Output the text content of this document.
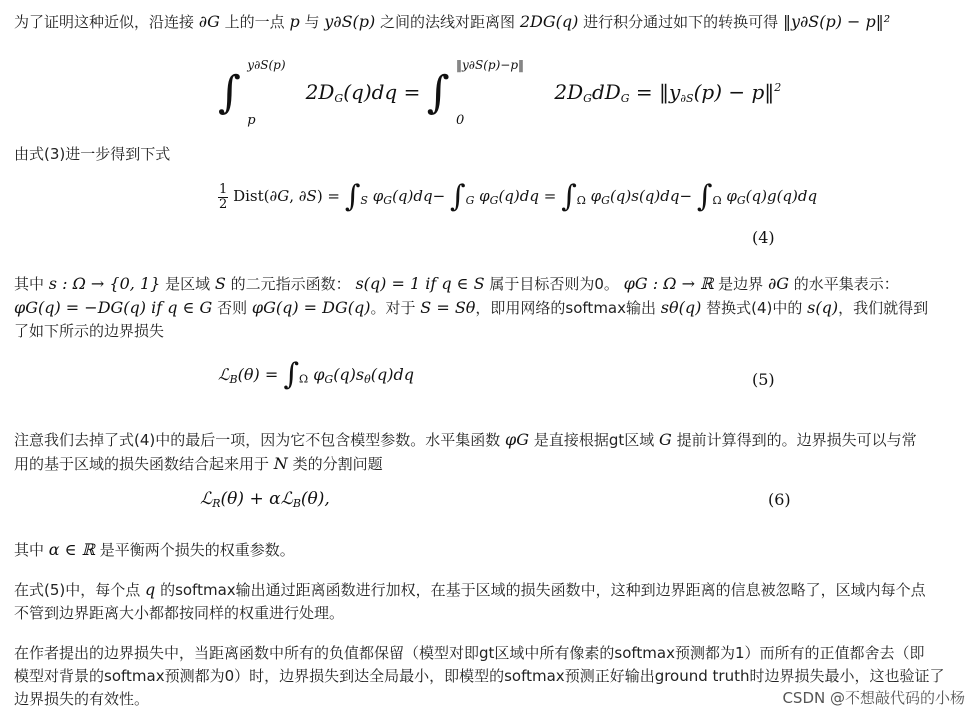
为了证明这种近似，沿连接 ∂G 上的一点 p 与 y∂S(p) 之间的法线对距离图 2DG(q) 进行积分通过如下的转换可得 ‖y∂S(p) − p‖²
∫
y∂S(p)
p
$2D_G(q)dq$ = ∫
‖y∂S(p)−p‖
0
$2D_GdD_G$ = $‖y_{\partial S}(p)$ − p‖$^2$
由式(3)进一步得到下式
$\frac{1}{2}$ Dist(∂G, $\partial S) = \int_S$ $\varphi_G(q)dq- \int_G$ $\varphi_G(q)dq = \int_\Omega$ $\varphi_G(q)s(q)dq- \int_\Omega$ $\varphi_G(q)g(q)dq$
(4)
其中 s : Ω → {0, 1} 是区域 S 的二元指示函数： s(q) = 1 if q ∈ S 属于目标否则为0。 φG : Ω → ℝ 是边界 ∂G 的水平集表示：
φG(q) = −DG(q) if q ∈ G 否则 φG(q) = DG(q)。对于 S = Sθ，即用网络的softmax输出 sθ(q) 替换式(4)中的 s(q)，我们就得到
了如下所示的边界损失
ℒ$_B$(θ) = $\int_\Omega$ $\varphi_G(q)s_\theta(q)dq$	(5)
注意我们去掉了式(4)中的最后一项，因为它不包含模型参数。水平集函数 φG 是直接根据gt区域 G 提前计算得到的。边界损失可以与常
用的基于区域的损失函数结合起来用于 N 类的分割问题
ℒ$_R$(θ) + αℒ$_B$(θ),	(6)
其中 α ∈ ℝ 是平衡两个损失的权重参数。
在式(5)中，每个点 q 的softmax输出通过距离函数进行加权，在基于区域的损失函数中，这种到边界距离的信息被忽略了，区域内每个点
不管到边界距离大小都都按同样的权重进行处理。
在作者提出的边界损失中，当距离函数中所有的负值都保留（模型对即gt区域中所有像素的softmax预测都为1）而所有的正值都舍去（即
模型对背景的softmax预测都为0）时，边界损失到达全局最小，即模型的softmax预测正好输出ground truth时边界损失最小，这也验证了
边界损失的有效性。	CSDN @不想敲代码的小杨
